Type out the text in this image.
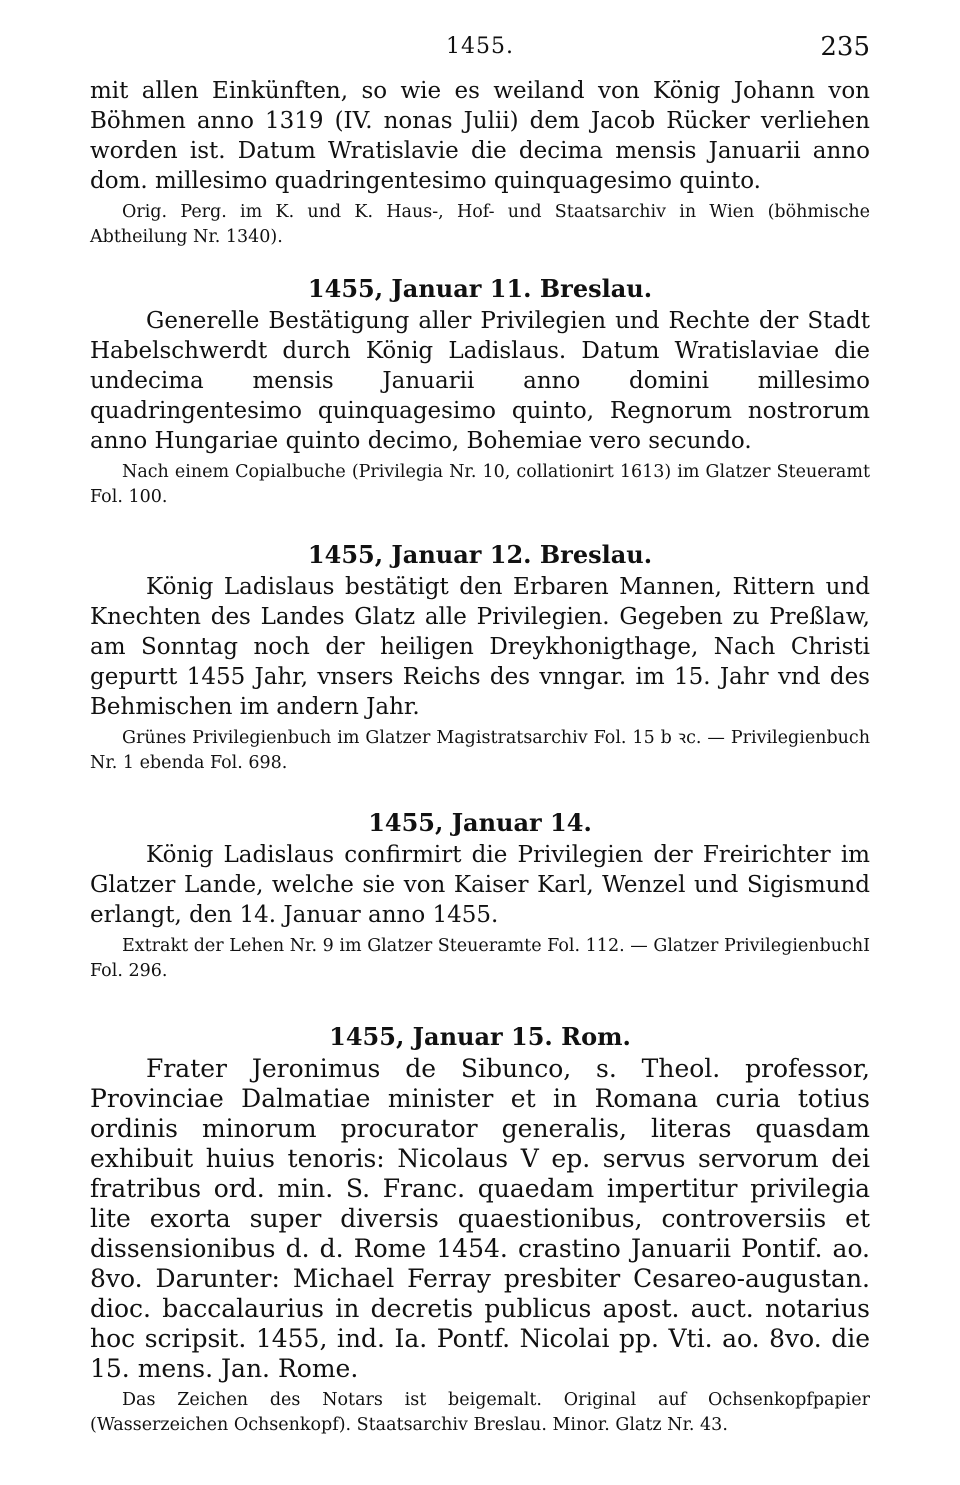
1455.	235

mit allen Einkünften, so wie es weiland von König Johann von Böhmen anno 1319 (IV. nonas Julii) dem Jacob Rücker verliehen worden ist. Datum Wratislavie die decima mensis Januarii anno dom. millesimo quadringentesimo quinquagesimo quinto.

Orig. Perg. im K. und K. Haus-, Hof- und Staatsarchiv in Wien (böhmische Abtheilung Nr. 1340).

1455, Januar 11. Breslau.

Generelle Bestätigung aller Privilegien und Rechte der Stadt Habelschwerdt durch König Ladislaus. Datum Wratislaviae die undecima mensis Januarii anno domini millesimo quadringentesimo quinquagesimo quinto, Regnorum nostrorum anno Hungariae quinto decimo, Bohemiae vero secundo.

Nach einem Copialbuche (Privilegia Nr. 10, collationirt 1613) im Glatzer Steueramt Fol. 100.

1455, Januar 12. Breslau.

König Ladislaus bestätigt den Erbaren Mannen, Rittern und Knechten des Landes Glatz alle Privilegien. Gegeben zu Preßlaw, am Sonntag noch der heiligen Dreykhonigthage, Nach Christi gepurtt 1455 Jahr, vnsers Reichs des vnngar. im 15. Jahr vnd des Behmischen im andern Jahr.

Grünes Privilegienbuch im Glatzer Magistratsarchiv Fol. 15 b ꝛc. — Privilegienbuch Nr. 1 ebenda Fol. 698.

1455, Januar 14.

König Ladislaus confirmirt die Privilegien der Freirichter im Glatzer Lande, welche sie von Kaiser Karl, Wenzel und Sigismund erlangt, den 14. Januar anno 1455.

Extrakt der Lehen Nr. 9 im Glatzer Steueramte Fol. 112. — Glatzer PrivilegienbuchI Fol. 296.

1455, Januar 15. Rom.

Frater Jeronimus de Sibunco, s. Theol. professor, Provinciae Dalmatiae minister et in Romana curia totius ordinis minorum procurator generalis, literas quasdam exhibuit huius tenoris: Nicolaus V ep. servus servorum dei fratribus ord. min. S. Franc. quaedam impertitur privilegia lite exorta super diversis quaestionibus, controversiis et dissensionibus d. d. Rome 1454. crastino Januarii Pontif. ao. 8vo. Darunter: Michael Ferray presbiter Cesareo-augustan. dioc. baccalaurius in decretis publicus apost. auct. notarius hoc scripsit. 1455, ind. Ia. Pontf. Nicolai pp. Vti. ao. 8vo. die 15. mens. Jan. Rome.

Das Zeichen des Notars ist beigemalt. Original auf Ochsenkopfpapier (Wasserzeichen Ochsenkopf). Staatsarchiv Breslau. Minor. Glatz Nr. 43.
